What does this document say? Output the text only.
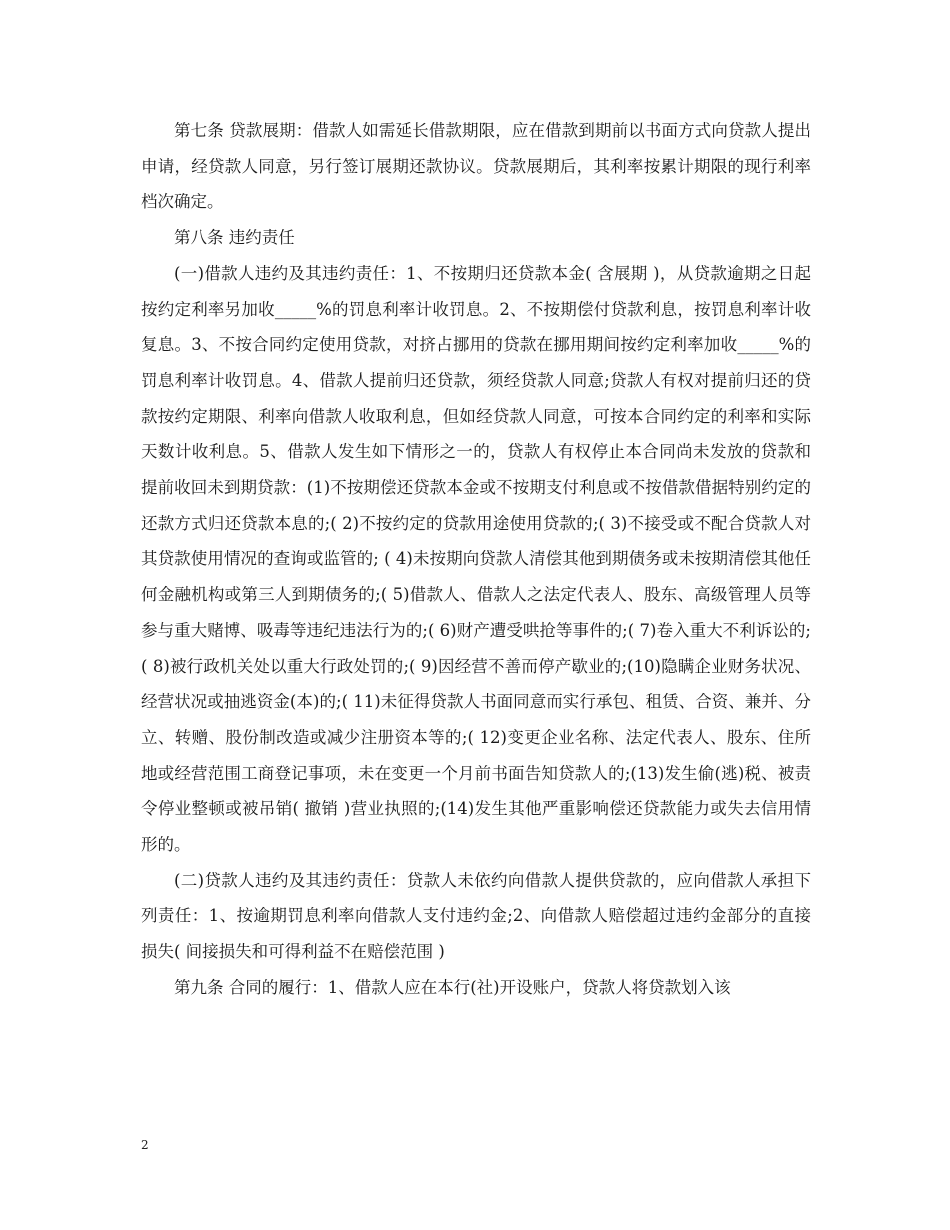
第七条 贷款展期：借款人如需延长借款期限，应在借款到期前以书面方式向贷款人提出申请，经贷款人同意，另行签订展期还款协议。贷款展期后，其利率按累计期限的现行利率档次确定。

第八条 违约责任

(一)借款人违约及其违约责任：1、不按期归还贷款本金( 含展期 )，从贷款逾期之日起按约定利率另加收_____%的罚息利率计收罚息。2、不按期偿付贷款利息，按罚息利率计收复息。3、不按合同约定使用贷款，对挤占挪用的贷款在挪用期间按约定利率加收_____%的罚息利率计收罚息。4、借款人提前归还贷款，须经贷款人同意;贷款人有权对提前归还的贷款按约定期限、利率向借款人收取利息，但如经贷款人同意，可按本合同约定的利率和实际天数计收利息。5、借款人发生如下情形之一的，贷款人有权停止本合同尚未发放的贷款和提前收回未到期贷款：(1)不按期偿还贷款本金或不按期支付利息或不按借款借据特别约定的还款方式归还贷款本息的;( 2)不按约定的贷款用途使用贷款的;( 3)不接受或不配合贷款人对其贷款使用情况的查询或监管的; ( 4)未按期向贷款人清偿其他到期债务或未按期清偿其他任何金融机构或第三人到期债务的;( 5)借款人、借款人之法定代表人、股东、高级管理人员等参与重大赌博、吸毒等违纪违法行为的;( 6)财产遭受哄抢等事件的;( 7)卷入重大不利诉讼的;( 8)被行政机关处以重大行政处罚的;( 9)因经营不善而停产歇业的;(10)隐瞒企业财务状况、经营状况或抽逃资金(本)的;( 11)未征得贷款人书面同意而实行承包、租赁、合资、兼并、分立、转赠、股份制改造或减少注册资本等的;( 12)变更企业名称、法定代表人、股东、住所地或经营范围工商登记事项，未在变更一个月前书面告知贷款人的;(13)发生偷(逃)税、被责令停业整顿或被吊销( 撤销 )营业执照的;(14)发生其他严重影响偿还贷款能力或失去信用情形的。

(二)贷款人违约及其违约责任：贷款人未依约向借款人提供贷款的，应向借款人承担下列责任：1、按逾期罚息利率向借款人支付违约金;2、向借款人赔偿超过违约金部分的直接损失( 间接损失和可得利益不在赔偿范围 )

第九条 合同的履行：1、借款人应在本行(社)开设账户，贷款人将贷款划入该

2
